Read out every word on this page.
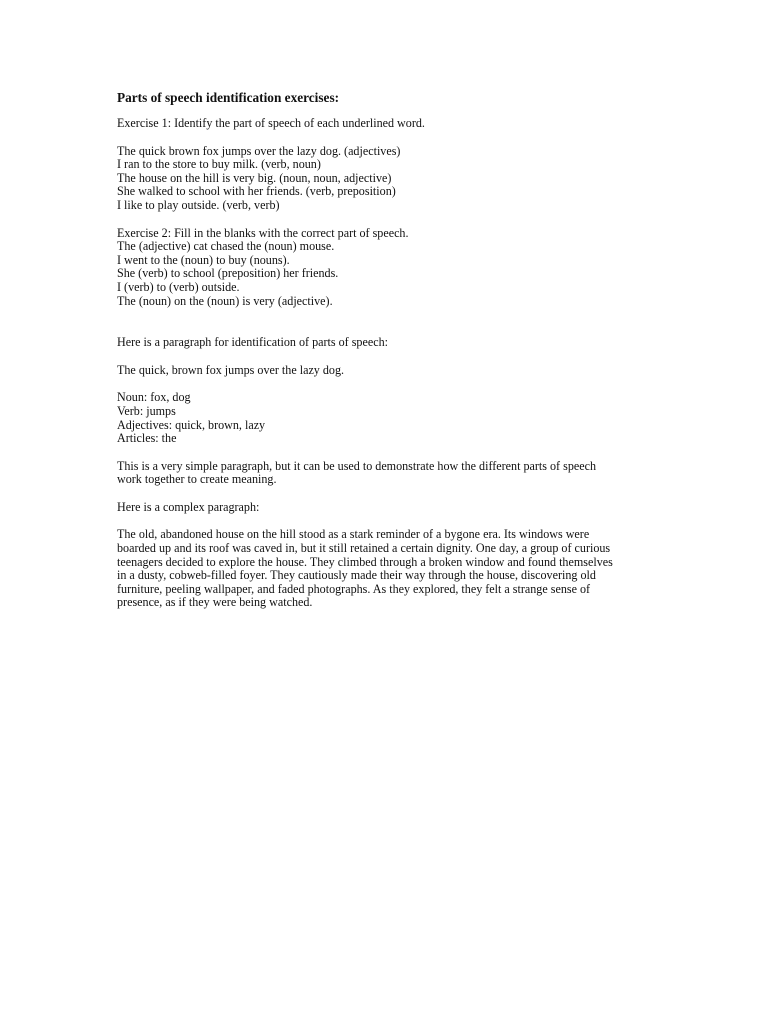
Parts of speech identification exercises:
Exercise 1: Identify the part of speech of each underlined word.
The quick brown fox jumps over the lazy dog. (adjectives)
I ran to the store to buy milk. (verb, noun)
The house on the hill is very big. (noun, noun, adjective)
She walked to school with her friends. (verb, preposition)
I like to play outside. (verb, verb)
Exercise 2: Fill in the blanks with the correct part of speech.
The (adjective) cat chased the (noun) mouse.
I went to the (noun) to buy (nouns).
She (verb) to school (preposition) her friends.
I (verb) to (verb) outside.
The (noun) on the (noun) is very (adjective).
Here is a paragraph for identification of parts of speech:
The quick, brown fox jumps over the lazy dog.
Noun: fox, dog
Verb: jumps
Adjectives: quick, brown, lazy
Articles: the
This is a very simple paragraph, but it can be used to demonstrate how the different parts of speech
work together to create meaning.
Here is a complex paragraph:
The old, abandoned house on the hill stood as a stark reminder of a bygone era. Its windows were
boarded up and its roof was caved in, but it still retained a certain dignity. One day, a group of curious
teenagers decided to explore the house. They climbed through a broken window and found themselves
in a dusty, cobweb-filled foyer. They cautiously made their way through the house, discovering old
furniture, peeling wallpaper, and faded photographs. As they explored, they felt a strange sense of
presence, as if they were being watched.
